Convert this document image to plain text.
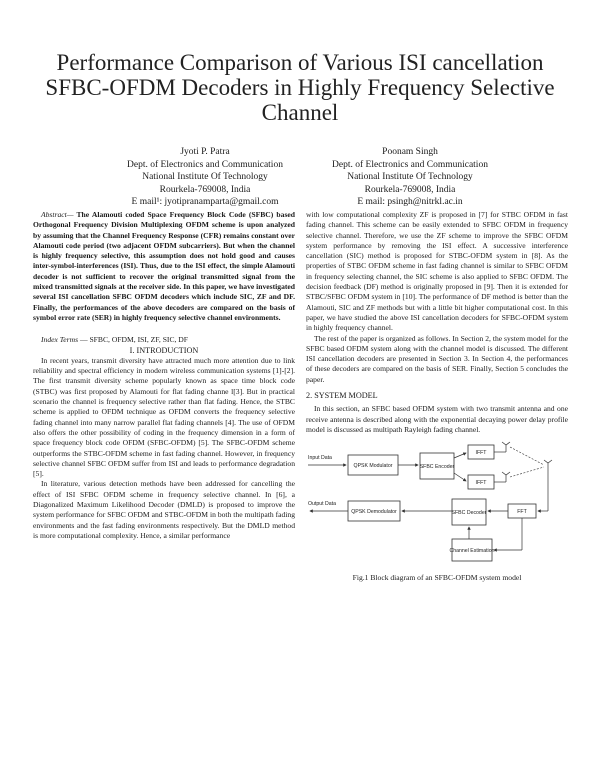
Performance Comparison of Various ISI cancellation SFBC-OFDM Decoders in Highly Frequency Selective Channel
Jyoti P. Patra
Dept. of Electronics and Communication
National Institute Of Technology
Rourkela-769008, India
E mail¹: jyotipranamparta@gmail.com
Poonam Singh
Dept. of Electronics and Communication
National Institute Of Technology
Rourkela-769008, India
E mail: psingh@nitrkl.ac.in

Abstract— The Alamouti coded Space Frequency Block Code (SFBC) based Orthogonal Frequency Division Multiplexing OFDM scheme is upon analyzed by assuming that the Channel Frequency Response (CFR) remains constant over Alamouti code period (two adjacent OFDM subcarriers). But when the channel is highly frequency selective, this assumption does not hold good and causes inter-symbol-interferences (ISI). Thus, due to the ISI effect, the simple Alamouti decoder is not sufficient to recover the original transmitted signal from the mixed transmitted signals at the receiver side. In this paper, we have investigated several ISI cancellation SFBC OFDM decoders which include SIC, ZF and DF. Finally, the performances of the above decoders are compared on the basis of symbol error rate (SER) in highly frequency selective channel environments.

Index Terms — SFBC, OFDM, ISI, ZF, SIC, DF

I. INTRODUCTION

In recent years, transmit diversity have attracted much more attention due to link reliability and spectral efficiency in modern wireless communication systems [1]-[2]. The first transmit diversity scheme popularly known as space time block code (STBC) was first proposed by Alamouti for flat fading channe l[3]. But in practical scenario the channel is frequency selective rather than flat fading. Hence, the STBC scheme is applied to OFDM technique as OFDM converts the frequency selective fading channel into many narrow parallel flat fading channels [4]. The use of OFDM also offers the other possibility of coding in the frequency dimension in a form of space frequency block code OFDM (SFBC-OFDM) [5]. The SFBC-OFDM scheme outperforms the STBC-OFDM scheme in fast fading channel. However, in frequency selective channel SFBC OFDM suffer from ISI and leads to performance degradation [5].

In literature, various detection methods have been addressed for cancelling the effect of ISI SFBC OFDM scheme in frequency selective channel. In [6], a Diagonalized Maximum Likelihood Decoder (DMLD) is proposed to improve the system performance for SFBC OFDM and STBC-OFDM in both the multipath fading environments and the fast fading environments respectively. But the DMLD method is more computational complexity. Hence, a similar performance

with low computational complexity ZF is proposed in [7] for STBC OFDM in fast fading channel. This scheme can be easily extended to SFBC OFDM in frequency selective channel. Therefore, we use the ZF scheme to improve the SFBC OFDM system performance by removing the ISI effect. A successive interference cancellation (SIC) method is proposed for STBC-OFDM system in [8]. As the properties of STBC OFDM scheme in fast fading channel is similar to SFBC OFDM in frequency selecting channel, the SIC scheme is also applied to SFBC OFDM. The decision feedback (DF) method is originally proposed in [9]. Then it is extended for STBC/SFBC OFDM system in [10]. The performance of DF method is better than the Alamouti, SIC and ZF methods but with a little bit higher computational cost. In this paper, we have studied the above ISI cancellation decoders for SFBC-OFDM system in highly frequency channel.

The rest of the paper is organized as follows. In Section 2, the system model for the SFBC based OFDM system along with the channel model is discussed. The different ISI cancellation decoders are presented in Section 3. In Section 4, the performances of these decoders are compared on the basis of SER. Finally, Section 5 concludes the paper.

2. SYSTEM MODEL

In this section, an SFBC based OFDM system with two transmit antenna and one receive antenna is described along with the exponential decaying power delay profile model is discussed as multipath Rayleigh fading channel.

Input Data
QPSK Modulator	SFBC Encoder
IFFT
IFFT
FFT
SFBC Decoder
QPSK Demodulator
Output Data
Channel Estimation

Fig.1 Block diagram of an SFBC-OFDM system model
